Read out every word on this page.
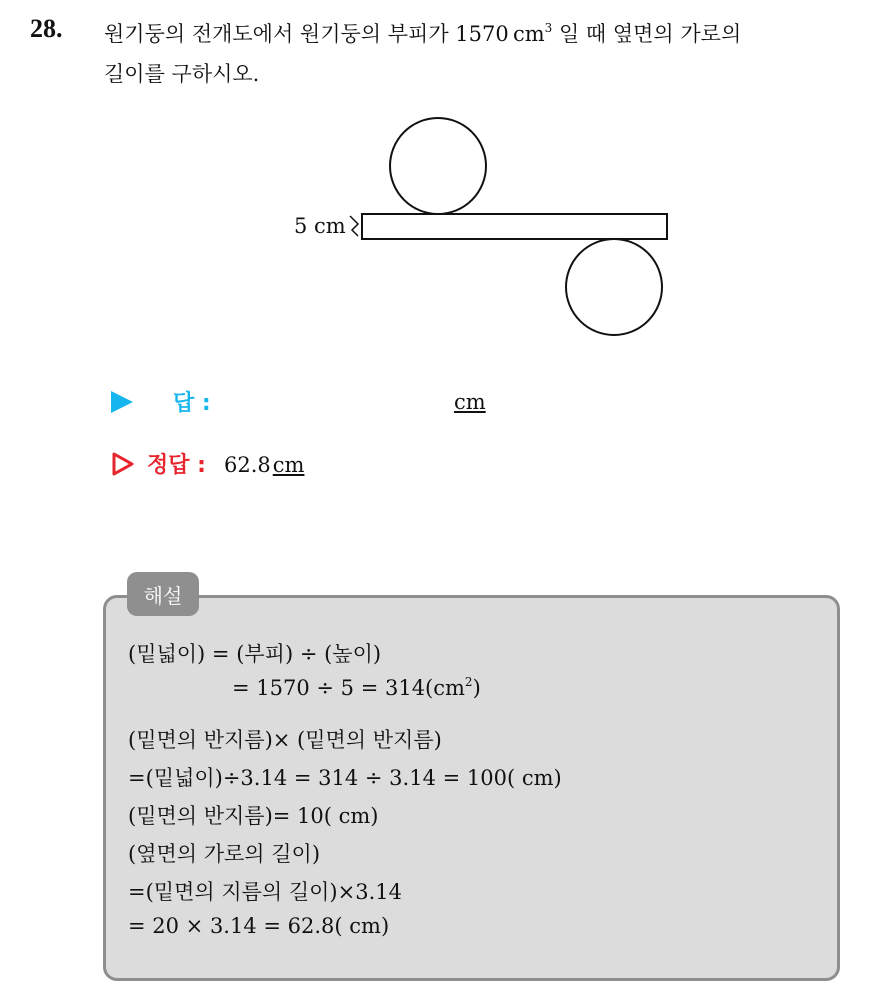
28. 원기둥의 전개도에서 원기둥의 부피가 1570  $cm^3$ 일 때 옆면의 가로의
길이를 구하시오.
5 cm
답 :	cm
정답 : 62.8 cm
해설
(밑넓이) = (부피) ÷ (높이)
= $1570 \div 5 = 314(cm^2)$
(밑면의 반지름)× (밑면의 반지름)
=(밑넓이)÷3.14 = 314 ÷ 3.14 = 100( cm)
(밑면의 반지름)= 10( cm)
(옆면의 가로의 길이)
=(밑면의 지름의 길이)×3.14
= 20 × 3.14 = 62.8( cm)
